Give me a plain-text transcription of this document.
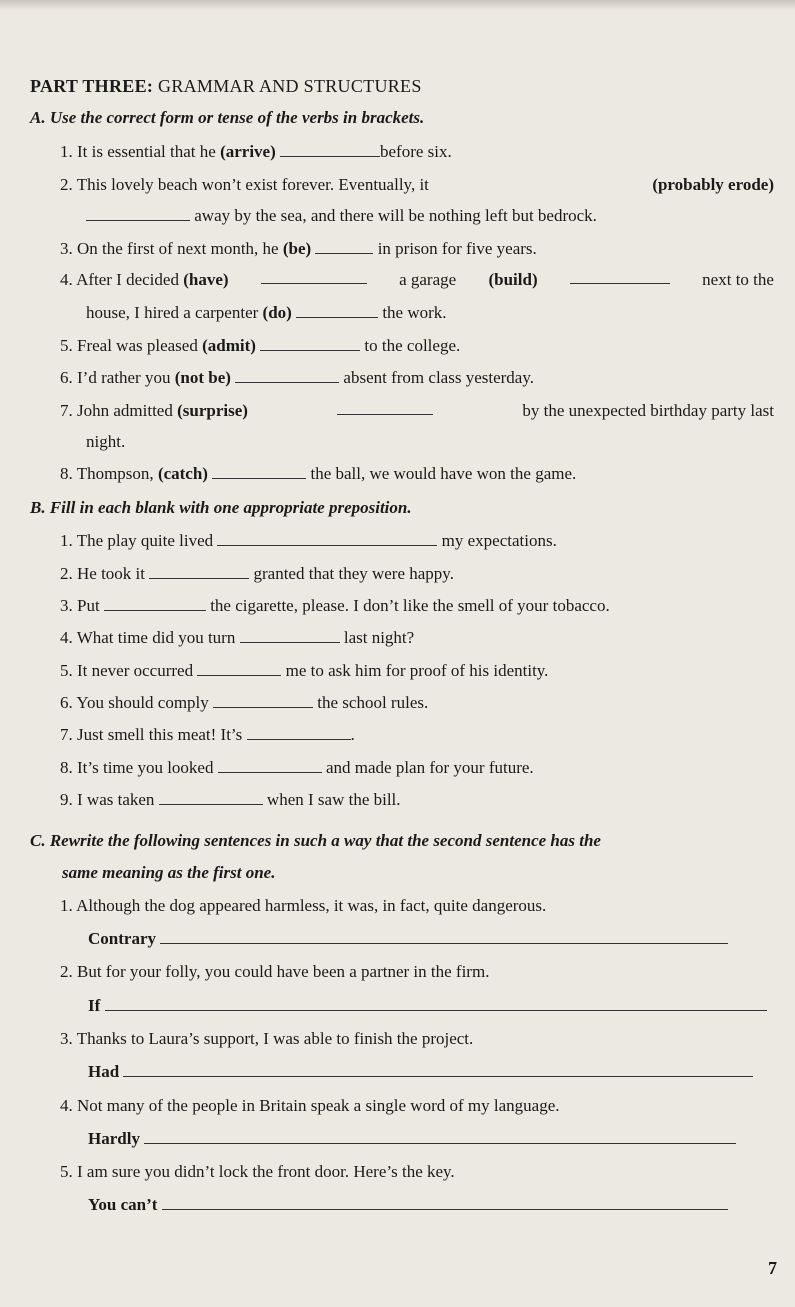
PART THREE: GRAMMAR AND STRUCTURES
A. Use the correct form or tense of the verbs in brackets.
1. It is essential that he (arrive)	before six.
2. This lovely beach won’t exist forever. Eventually, it	(probably erode)
away by the sea, and there will be nothing left but bedrock.
3. On the first of next month, he (be)	in prison for five years.
4. After I decided (have)	a garage (build)	next to the
house, I hired a carpenter (do)	the work.
5. Freal was pleased (admit)	to the college.
6. I’d rather you (not be)	absent from class yesterday.
7. John admitted (surprise)	by the unexpected birthday party last
night.
8. Thompson, (catch)	the ball, we would have won the game.
B. Fill in each blank with one appropriate preposition.
1. The play quite lived	my expectations.
2. He took it	granted that they were happy.
3. Put	the cigarette, please. I don’t like the smell of your tobacco.
4. What time did you turn	last night?
5. It never occurred	me to ask him for proof of his identity.
6. You should comply	the school rules.
7. Just smell this meat! It’s	.
8. It’s time you looked	and made plan for your future.
9. I was taken	when I saw the bill.
C. Rewrite the following sentences in such a way that the second sentence has the
same meaning as the first one.
1. Although the dog appeared harmless, it was, in fact, quite dangerous.
Contrary
2. But for your folly, you could have been a partner in the firm.
If
3. Thanks to Laura’s support, I was able to finish the project.
Had
4. Not many of the people in Britain speak a single word of my language.
Hardly
5. I am sure you didn’t lock the front door. Here’s the key.
You can’t
7
